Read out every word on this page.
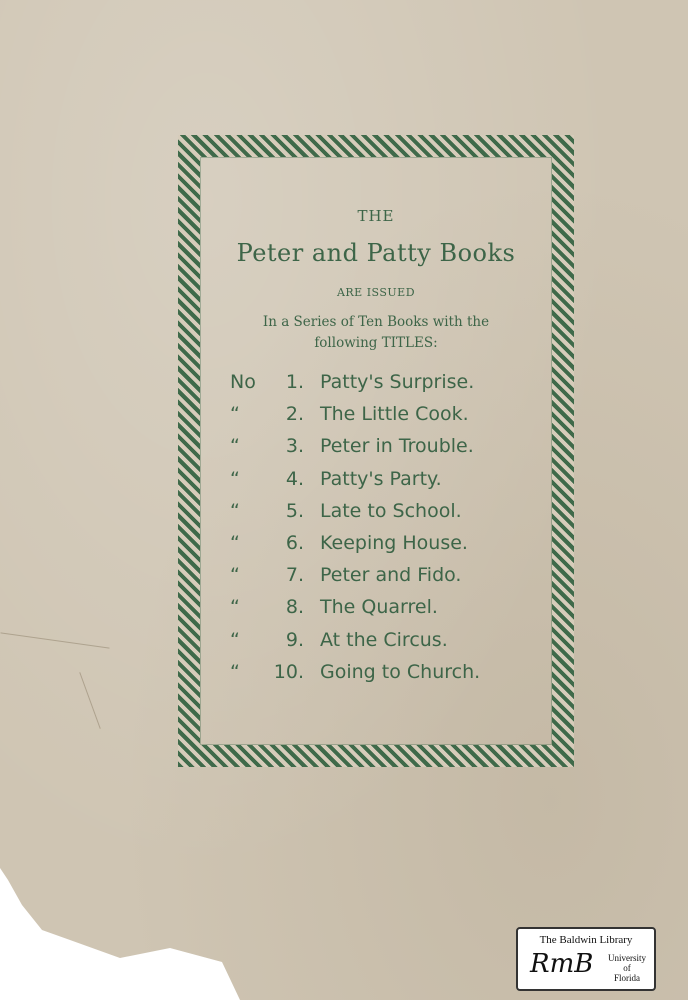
THE
Peter and Patty Books
ARE ISSUED
In a Series of Ten Books with the
following TITLES:
No	1. Patty's Surprise.
“	2. The Little Cook.
“	3. Peter in Trouble.
“	4. Patty's Party.
“	5. Late to School.
“	6. Keeping House.
“	7. Peter and Fido.
“	8. The Quarrel.
“	9. At the Circus.
“	10. Going to Church.
The Baldwin Library
RmB	University
of
Florida
